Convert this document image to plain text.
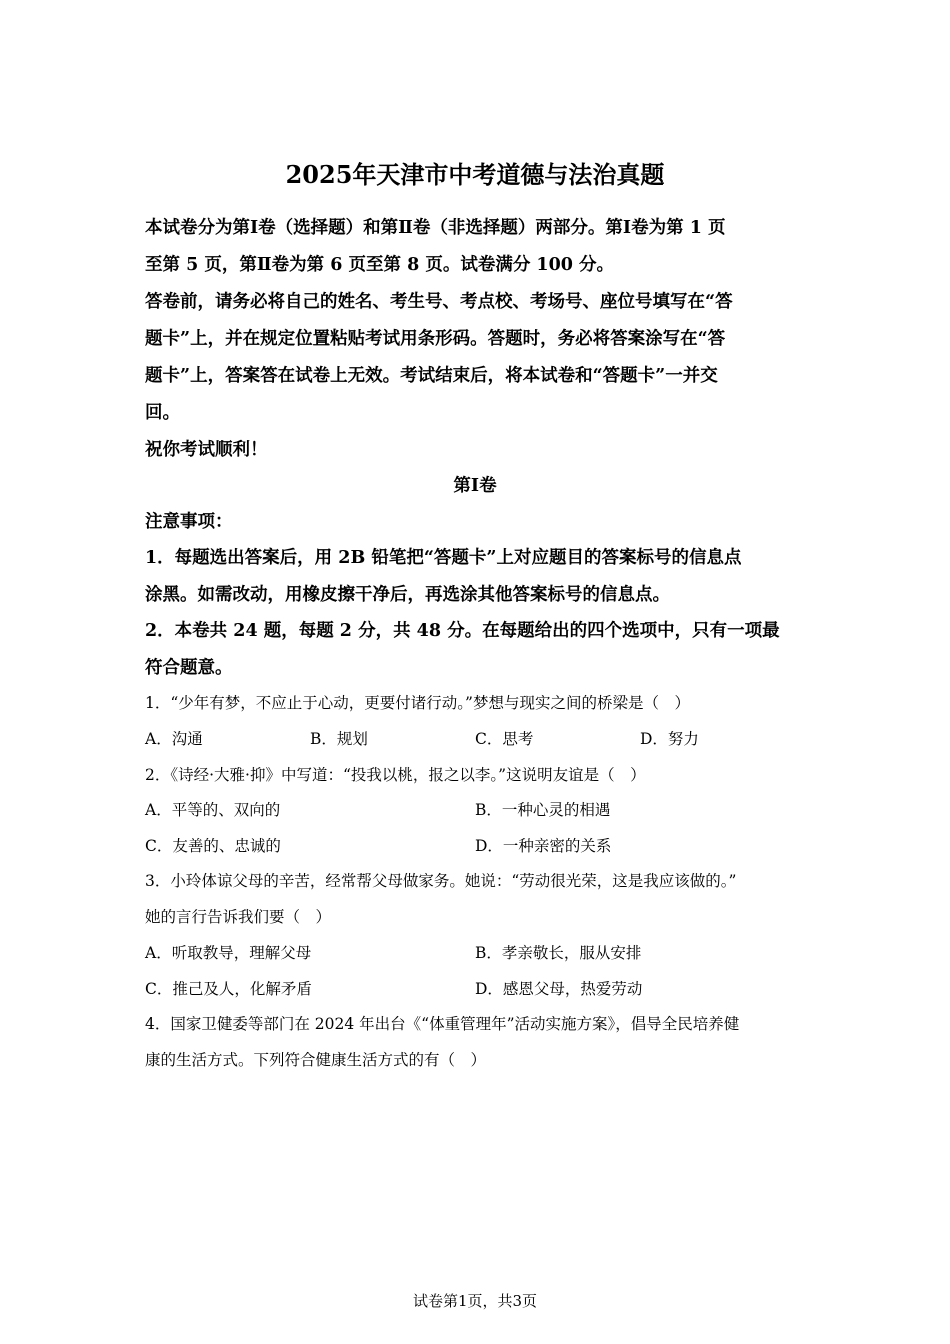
2025年天津市中考道德与法治真题
本试卷分为第Ⅰ卷（选择题）和第Ⅱ卷（非选择题）两部分。第Ⅰ卷为第 1 页
至第 5 页，第Ⅱ卷为第 6 页至第 8 页。试卷满分 100 分。
答卷前，请务必将自己的姓名、考生号、考点校、考场号、座位号填写在“答
题卡”上，并在规定位置粘贴考试用条形码。答题时，务必将答案涂写在“答
题卡”上，答案答在试卷上无效。考试结束后，将本试卷和“答题卡”一并交
回。
祝你考试顺利！
第Ⅰ卷
注意事项：
1．每题选出答案后，用 2B 铅笔把“答题卡”上对应题目的答案标号的信息点
涂黑。如需改动，用橡皮擦干净后，再选涂其他答案标号的信息点。
2．本卷共 24 题，每题 2 分，共 48 分。在每题给出的四个选项中，只有一项最
符合题意。
1．“少年有梦，不应止于心动，更要付诸行动。”梦想与现实之间的桥梁是（　）
A．沟通	B．规划	C．思考	D．努力
2．《诗经·大雅·抑》中写道：“投我以桃，报之以李。”这说明友谊是（　）
A．平等的、双向的	B．一种心灵的相遇
C．友善的、忠诚的	D．一种亲密的关系
3．小玲体谅父母的辛苦，经常帮父母做家务。她说：“劳动很光荣，这是我应该做的。”
她的言行告诉我们要（　）
A．听取教导，理解父母	B．孝亲敬长，服从安排
C．推己及人，化解矛盾	D．感恩父母，热爱劳动
4．国家卫健委等部门在 2024 年出台《“体重管理年”活动实施方案》，倡导全民培养健
康的生活方式。下列符合健康生活方式的有（　）
试卷第1页，共3页
